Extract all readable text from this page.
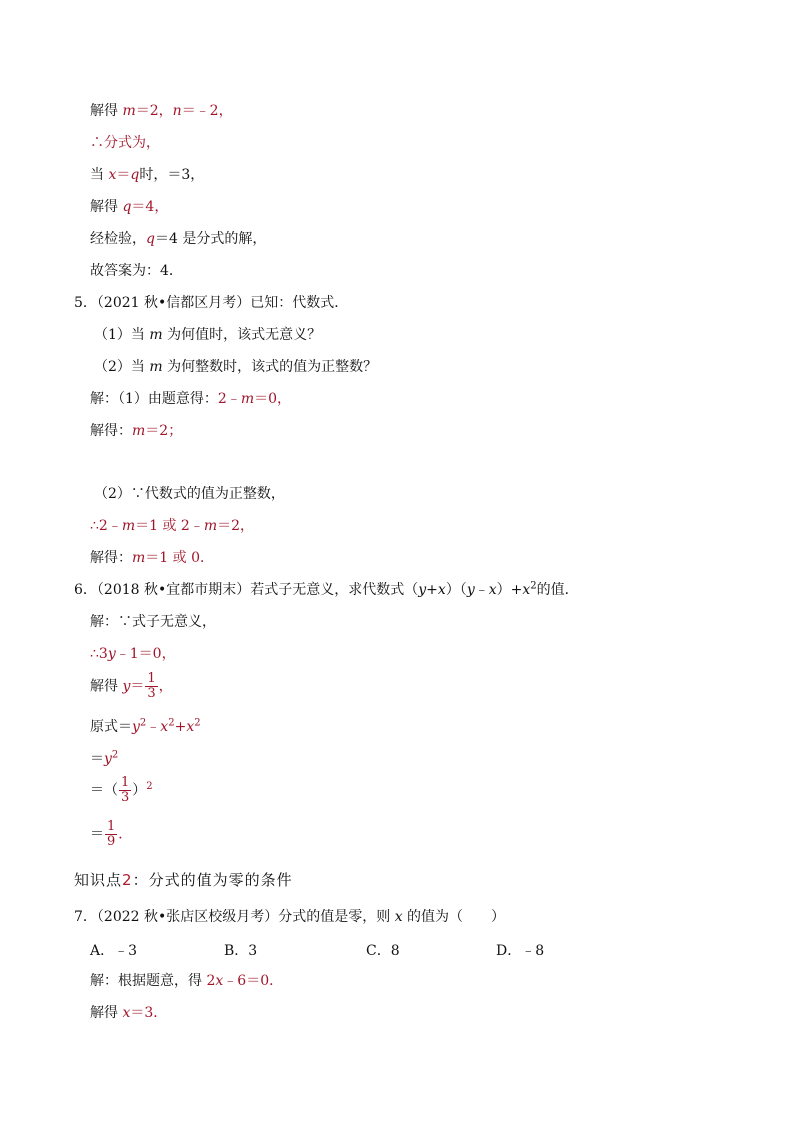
解得 m＝2，n＝﹣2，
∴分式为，
当 x＝q时，＝3，
解得 q＝4，
经检验，q＝4 是分式的解，
故答案为：4．
5．（2021 秋•信都区月考）已知：代数式．
（1）当 m 为何值时，该式无意义？
（2）当 m 为何整数时，该式的值为正整数？
解：（1）由题意得：2﹣m＝0，
解得：m＝2；
（2）∵代数式的值为正整数，
∴2﹣m＝1 或 2﹣m＝2，
解得：m＝1 或 0．
6．（2018 秋•宜都市期末）若式子无意义，求代数式$(y+x)(y﹣x)+x^2$的值．
解：∵式子无意义，
∴3y﹣1＝0，
解得 $y= \frac{1}{3}$ ，
原式$=y^2﹣x^2+x^2$
$=y^2$
＝（ $\frac{1}{3} )^2$
＝ $\frac{1}{9}$ ．
知识点2：分式的值为零的条件
7．（2022 秋•张店区校级月考）分式的值是零，则 x 的值为（　　）
A．﹣3	B．3	C．8	D．﹣8
解：根据题意，得 2x﹣6＝0．
解得 x＝3．
